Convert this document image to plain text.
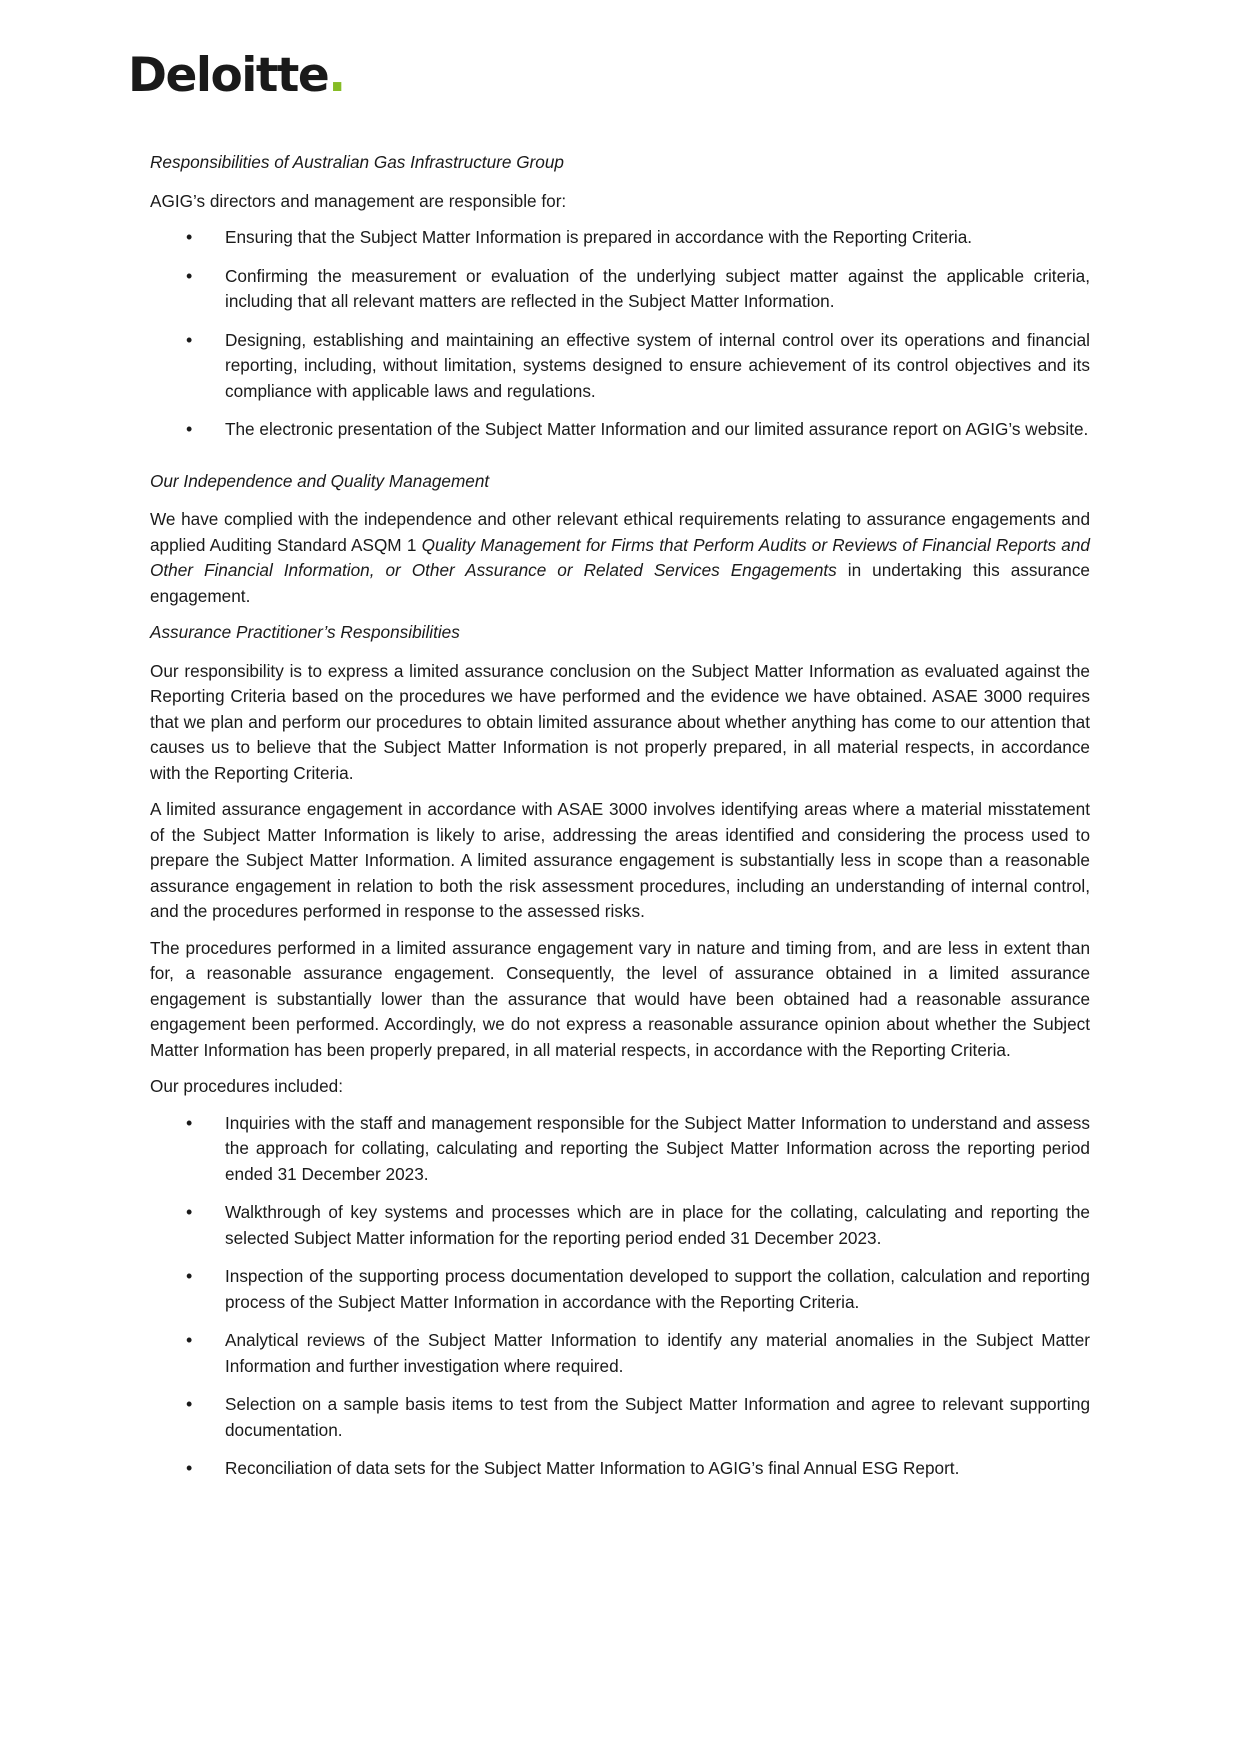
Deloitte.
Responsibilities of Australian Gas Infrastructure Group

AGIG’s directors and management are responsible for:

• Ensuring that the Subject Matter Information is prepared in accordance with the Reporting Criteria.
• Confirming the measurement or evaluation of the underlying subject matter against the applicable criteria, including that all relevant matters are reflected in the Subject Matter Information.
• Designing, establishing and maintaining an effective system of internal control over its operations and financial reporting, including, without limitation, systems designed to ensure achievement of its control objectives and its compliance with applicable laws and regulations.
• The electronic presentation of the Subject Matter Information and our limited assurance report on AGIG’s website.
Our Independence and Quality Management

We have complied with the independence and other relevant ethical requirements relating to assurance engagements and applied Auditing Standard ASQM 1 Quality Management for Firms that Perform Audits or Reviews of Financial Reports and Other Financial Information, or Other Assurance or Related Services Engagements in undertaking this assurance engagement.

Assurance Practitioner’s Responsibilities

Our responsibility is to express a limited assurance conclusion on the Subject Matter Information as evaluated against the Reporting Criteria based on the procedures we have performed and the evidence we have obtained. ASAE 3000 requires that we plan and perform our procedures to obtain limited assurance about whether anything has come to our attention that causes us to believe that the Subject Matter Information is not properly prepared, in all material respects, in accordance with the Reporting Criteria.

A limited assurance engagement in accordance with ASAE 3000 involves identifying areas where a material misstatement of the Subject Matter Information is likely to arise, addressing the areas identified and considering the process used to prepare the Subject Matter Information. A limited assurance engagement is substantially less in scope than a reasonable assurance engagement in relation to both the risk assessment procedures, including an understanding of internal control, and the procedures performed in response to the assessed risks.

The procedures performed in a limited assurance engagement vary in nature and timing from, and are less in extent than for, a reasonable assurance engagement. Consequently, the level of assurance obtained in a limited assurance engagement is substantially lower than the assurance that would have been obtained had a reasonable assurance engagement been performed. Accordingly, we do not express a reasonable assurance opinion about whether the Subject Matter Information has been properly prepared, in all material respects, in accordance with the Reporting Criteria.

Our procedures included:

• Inquiries with the staff and management responsible for the Subject Matter Information to understand and assess the approach for collating, calculating and reporting the Subject Matter Information across the reporting period ended 31 December 2023.
• Walkthrough of key systems and processes which are in place for the collating, calculating and reporting the selected Subject Matter information for the reporting period ended 31 December 2023.
• Inspection of the supporting process documentation developed to support the collation, calculation and reporting process of the Subject Matter Information in accordance with the Reporting Criteria.
• Analytical reviews of the Subject Matter Information to identify any material anomalies in the Subject Matter Information and further investigation where required.
• Selection on a sample basis items to test from the Subject Matter Information and agree to relevant supporting documentation.
• Reconciliation of data sets for the Subject Matter Information to AGIG’s final Annual ESG Report.
